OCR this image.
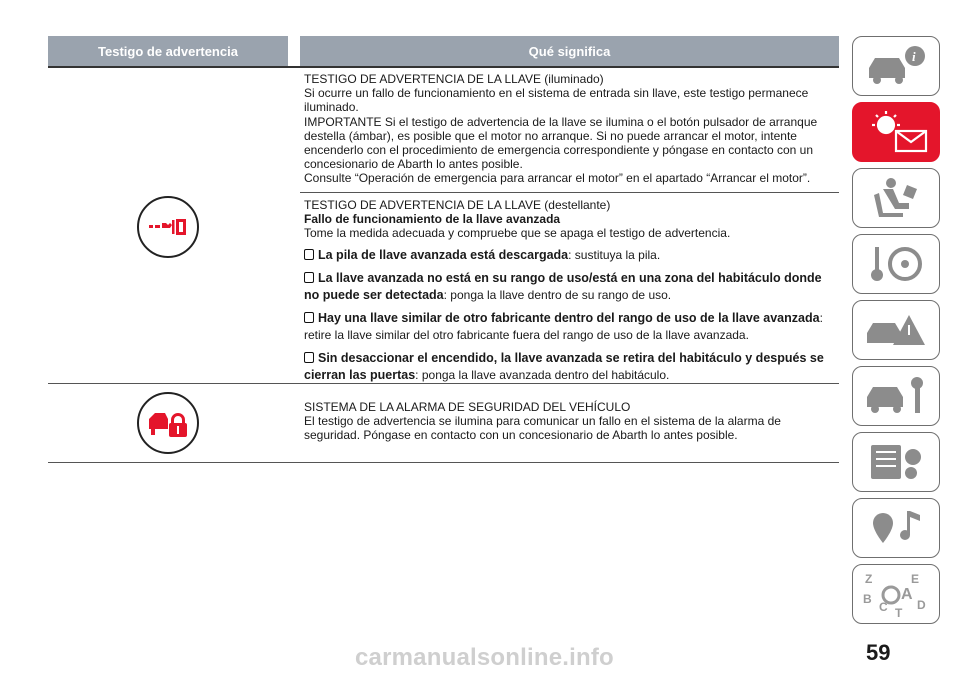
Testigo de advertencia	Qué significa

TESTIGO DE ADVERTENCIA DE LA LLAVE (iluminado)

Si ocurre un fallo de funcionamiento en el sistema de entrada sin llave, este testigo permanece

iluminado.

IMPORTANTE Si el testigo de advertencia de la llave se ilumina o el botón pulsador de arranque

destella (ámbar), es posible que el motor no arranque. Si no puede arrancar el motor, intente

encenderlo con el procedimiento de emergencia correspondiente y póngase en contacto con un

concesionario de Abarth lo antes posible.

Consulte “Operación de emergencia para arrancar el motor” en el apartado “Arrancar el motor”.

TESTIGO DE ADVERTENCIA DE LA LLAVE (destellante)

Fallo de funcionamiento de la llave avanzada

Tome la medida adecuada y compruebe que se apaga el testigo de advertencia.

La pila de llave avanzada está descargada: sustituya la pila.
La llave avanzada no está en su rango de uso/está en una zona del habitáculo donde no puede ser detectada: ponga la llave dentro de su rango de uso.
Hay una llave similar de otro fabricante dentro del rango de uso de la llave avanzada: retire la llave similar del otro fabricante fuera del rango de uso de la llave avanzada.
Sin desaccionar el encendido, la llave avanzada se retira del habitáculo y después se cierran las puertas: ponga la llave avanzada dentro del habitáculo.

SISTEMA DE LA ALARMA DE SEGURIDAD DEL VEHÍCULO

El testigo de advertencia se ilumina para comunicar un fallo en el sistema de la alarma de

seguridad. Póngase en contacto con un concesionario de Abarth lo antes posible.

i
Z	E
B A
C D
T
59
carmanualsonline.info
